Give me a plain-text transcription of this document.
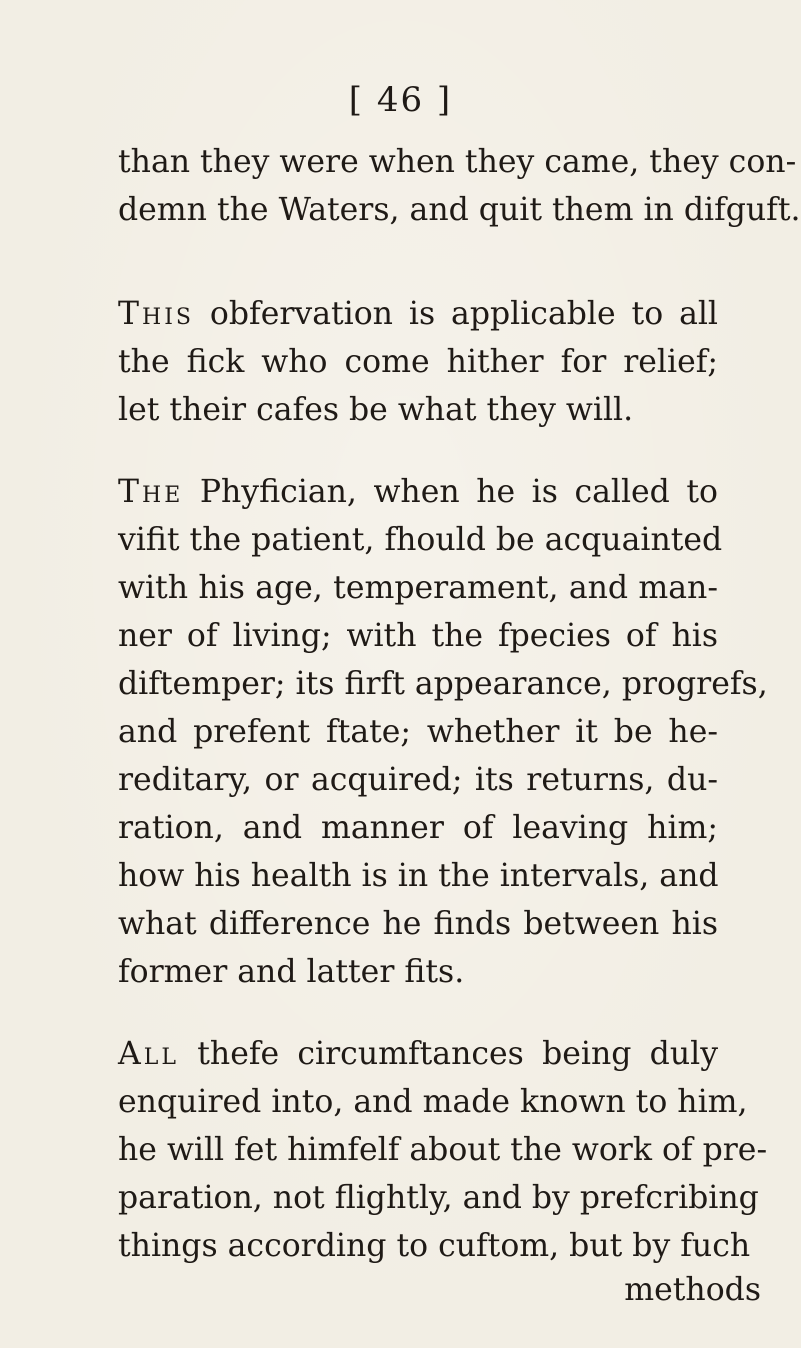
[ 46 ]
than they were when they came, they con-
demn the Waters, and quit them in difguft.
This obfervation is applicable to all
the fick who come hither for relief;
let their cafes be what they will.
The Phyfician, when he is called to
vifit the patient, fhould be acquainted
with his age, temperament, and man-
ner of living; with the fpecies of his
diftemper; its firft appearance, progrefs,
and prefent ftate; whether it be he-
reditary, or acquired; its returns, du-
ration, and manner of leaving him;
how his health is in the intervals, and
what difference he finds between his
former and latter fits.
All thefe circumftances being duly
enquired into, and made known to him,
he will fet himfelf about the work of pre-
paration, not flightly, and by prefcribing
things according to cuftom, but by fuch
methods
